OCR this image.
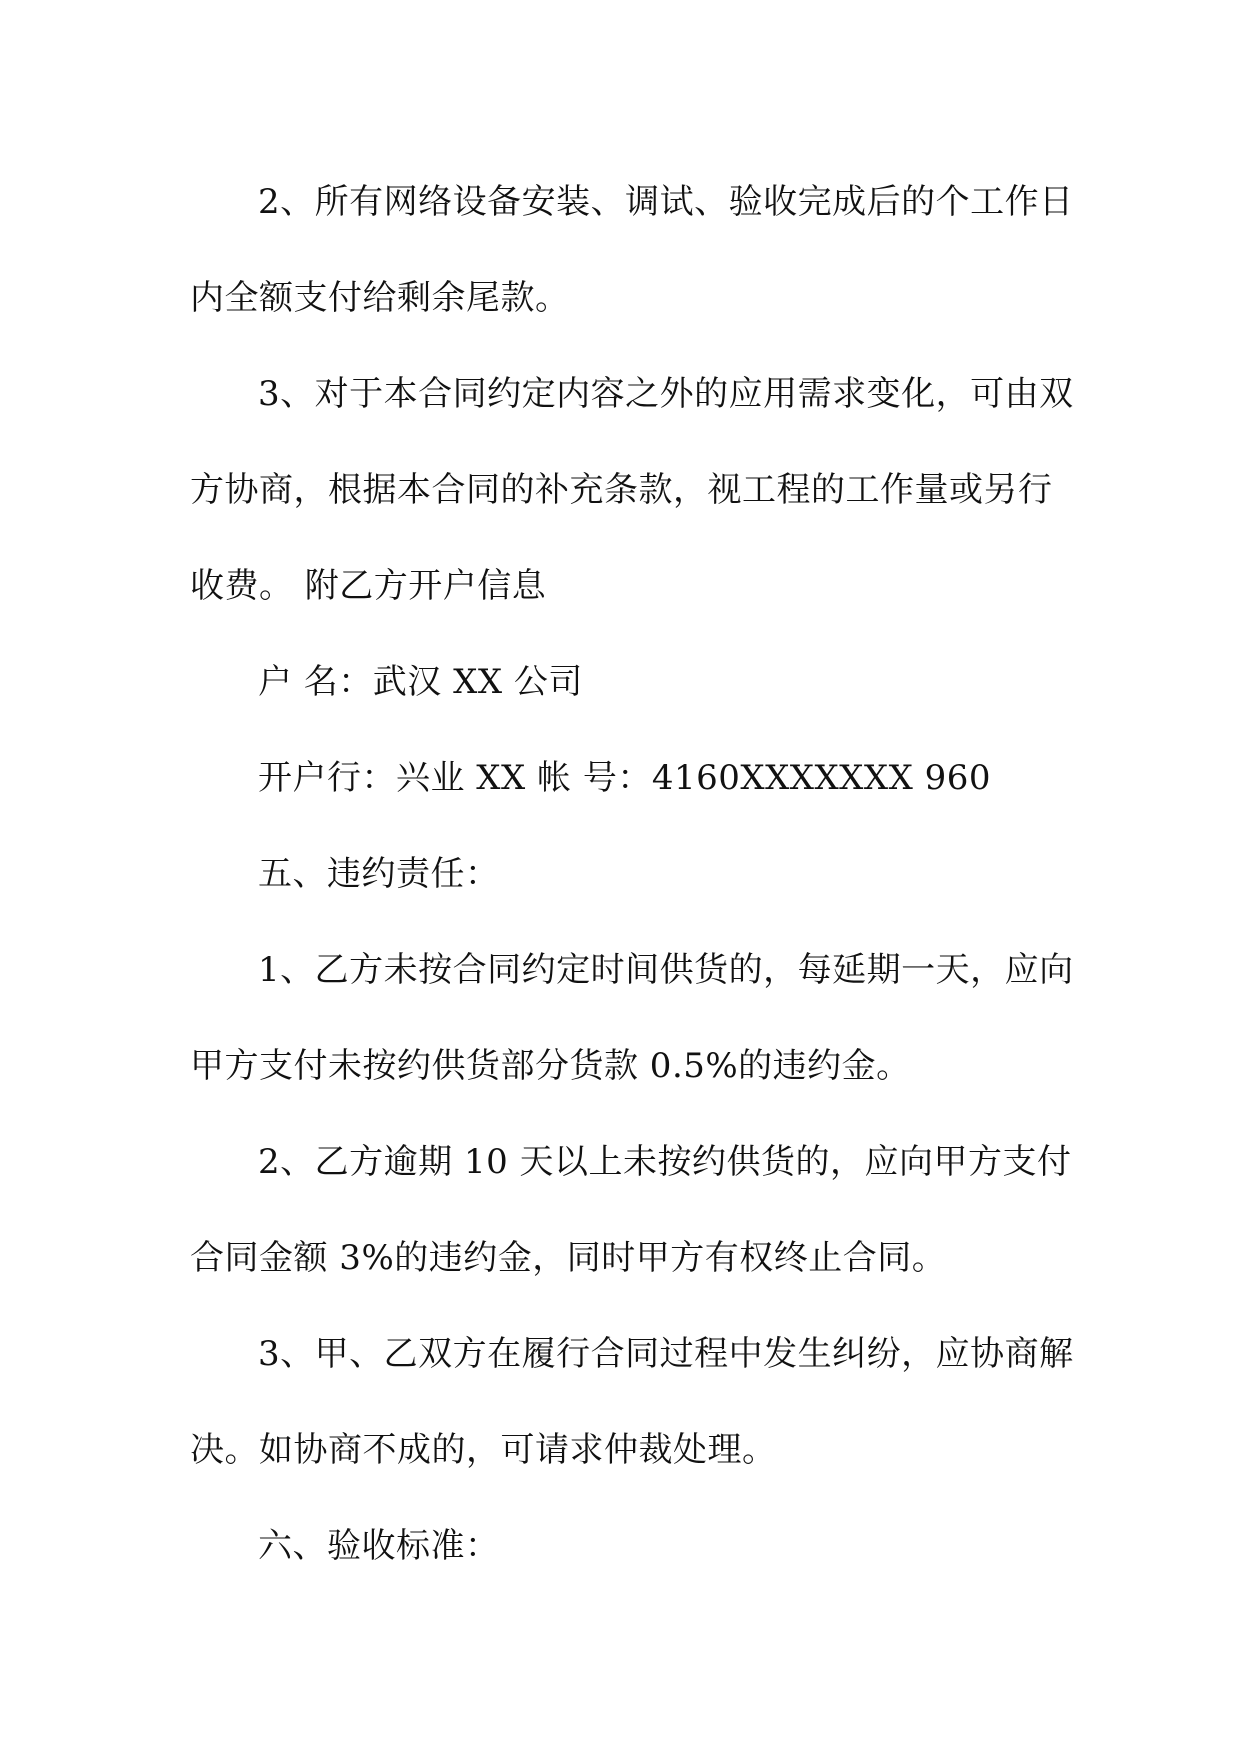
2、所有网络设备安装、调试、验收完成后的个工作日

内全额支付给剩余尾款。

3、对于本合同约定内容之外的应用需求变化，可由双

方协商，根据本合同的补充条款，视工程的工作量或另行

收费。 附乙方开户信息

户 名：武汉 XX 公司

开户行：兴业 XX 帐 号：4160XXXXXXX 960

五、违约责任：

1、乙方未按合同约定时间供货的，每延期一天，应向

甲方支付未按约供货部分货款 0.5%的违约金。

2、乙方逾期 10 天以上未按约供货的，应向甲方支付

合同金额 3%的违约金，同时甲方有权终止合同。

3、甲、乙双方在履行合同过程中发生纠纷，应协商解

决。如协商不成的，可请求仲裁处理。

六、验收标准：
